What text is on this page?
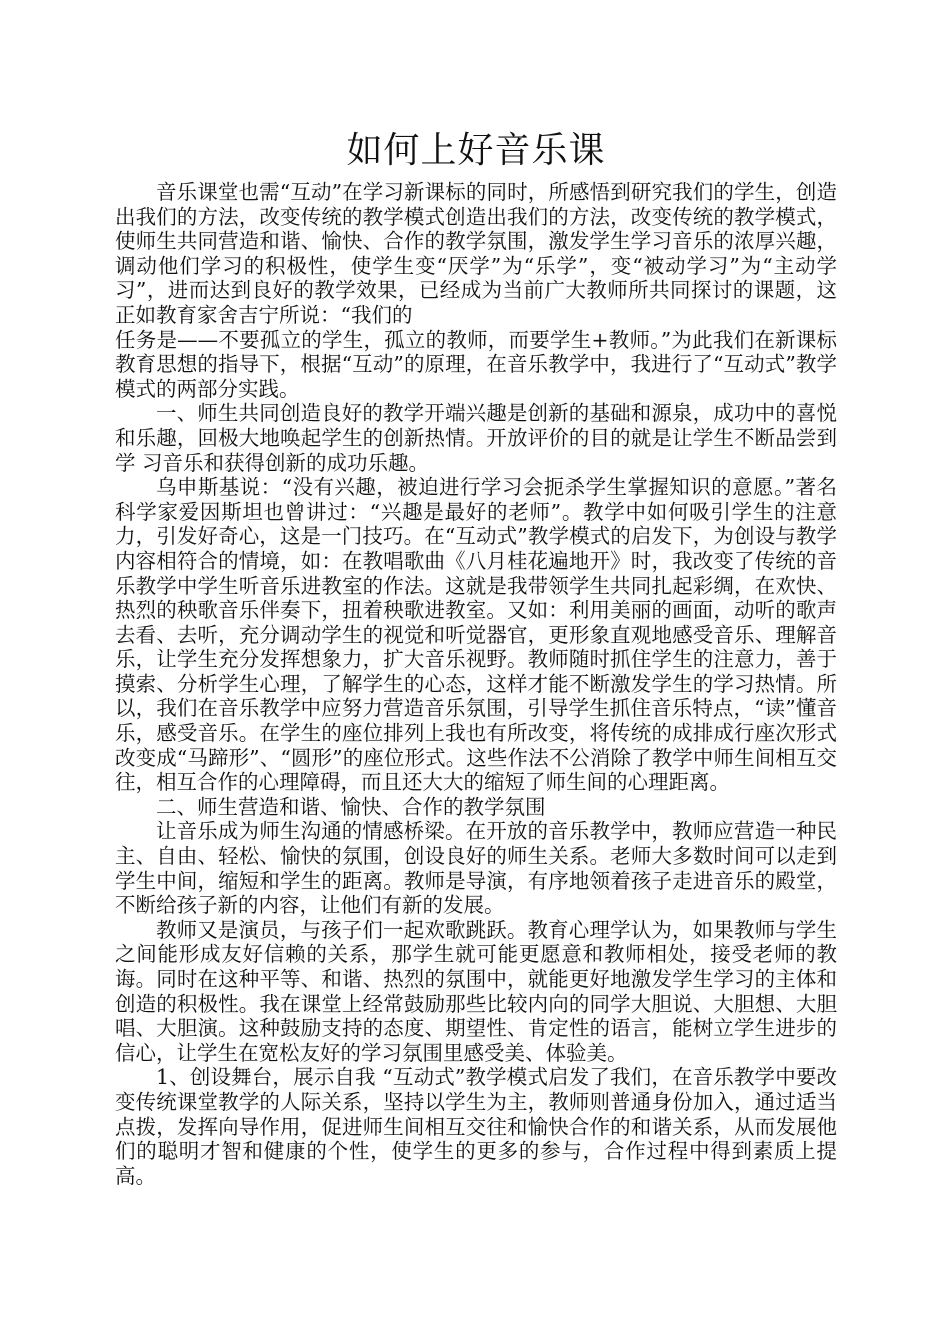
如何上好音乐课

音乐课堂也需“互动”在学习新课标的同时，所感悟到研究我们的学生，创造出我们的方法，改变传统的教学模式创造出我们的方法，改变传统的教学模式，使师生共同营造和谐、愉快、合作的教学氛围，激发学生学习音乐的浓厚兴趣，调动他们学习的积极性，使学生变“厌学”为“乐学”，变“被动学习”为“主动学习”，进而达到良好的教学效果，已经成为当前广大教师所共同探讨的课题，这正如教育家舍吉宁所说：“我们的

任务是——不要孤立的学生，孤立的教师，而要学生+教师。”为此我们在新课标教育思想的指导下，根据“互动”的原理，在音乐教学中，我进行了“互动式”教学模式的两部分实践。

一、师生共同创造良好的教学开端兴趣是创新的基础和源泉，成功中的喜悦和乐趣，回极大地唤起学生的创新热情。开放评价的目的就是让学生不断品尝到学 习音乐和获得创新的成功乐趣。

乌申斯基说：“没有兴趣，被迫进行学习会扼杀学生掌握知识的意愿。”著名科学家爱因斯坦也曾讲过：“兴趣是最好的老师”。教学中如何吸引学生的注意力，引发好奇心，这是一门技巧。在“互动式”教学模式的启发下，为创设与教学内容相符合的情境，如：在教唱歌曲《八月桂花遍地开》时，我改变了传统的音乐教学中学生听音乐进教室的作法。这就是我带领学生共同扎起彩绸，在欢快、热烈的秧歌音乐伴奏下，扭着秧歌进教室。又如：利用美丽的画面，动听的歌声去看、去听，充分调动学生的视觉和听觉器官，更形象直观地感受音乐、理解音乐，让学生充分发挥想象力，扩大音乐视野。教师随时抓住学生的注意力，善于摸索、分析学生心理，了解学生的心态，这样才能不断激发学生的学习热情。所以，我们在音乐教学中应努力营造音乐氛围，引导学生抓住音乐特点，“读”懂音乐，感受音乐。在学生的座位排列上我也有所改变，将传统的成排成行座次形式改变成“马蹄形”、“圆形”的座位形式。这些作法不公消除了教学中师生间相互交往，相互合作的心理障碍，而且还大大的缩短了师生间的心理距离。

二、师生营造和谐、愉快、合作的教学氛围

让音乐成为师生沟通的情感桥梁。在开放的音乐教学中，教师应营造一种民主、自由、轻松、愉快的氛围，创设良好的师生关系。老师大多数时间可以走到学生中间，缩短和学生的距离。教师是导演，有序地领着孩子走进音乐的殿堂，不断给孩子新的内容，让他们有新的发展。

教师又是演员，与孩子们一起欢歌跳跃。教育心理学认为，如果教师与学生之间能形成友好信赖的关系，那学生就可能更愿意和教师相处，接受老师的教诲。同时在这种平等、和谐、热烈的氛围中，就能更好地激发学生学习的主体和创造的积极性。我在课堂上经常鼓励那些比较内向的同学大胆说、大胆想、大胆唱、大胆演。这种鼓励支持的态度、期望性、肯定性的语言，能树立学生进步的信心，让学生在宽松友好的学习氛围里感受美、体验美。

1、创设舞台，展示自我 “互动式”教学模式启发了我们，在音乐教学中要改变传统课堂教学的人际关系，坚持以学生为主，教师则普通身份加入，通过适当点拨，发挥向导作用，促进师生间相互交往和愉快合作的和谐关系，从而发展他们的聪明才智和健康的个性，使学生的更多的参与，合作过程中得到素质上提高。
